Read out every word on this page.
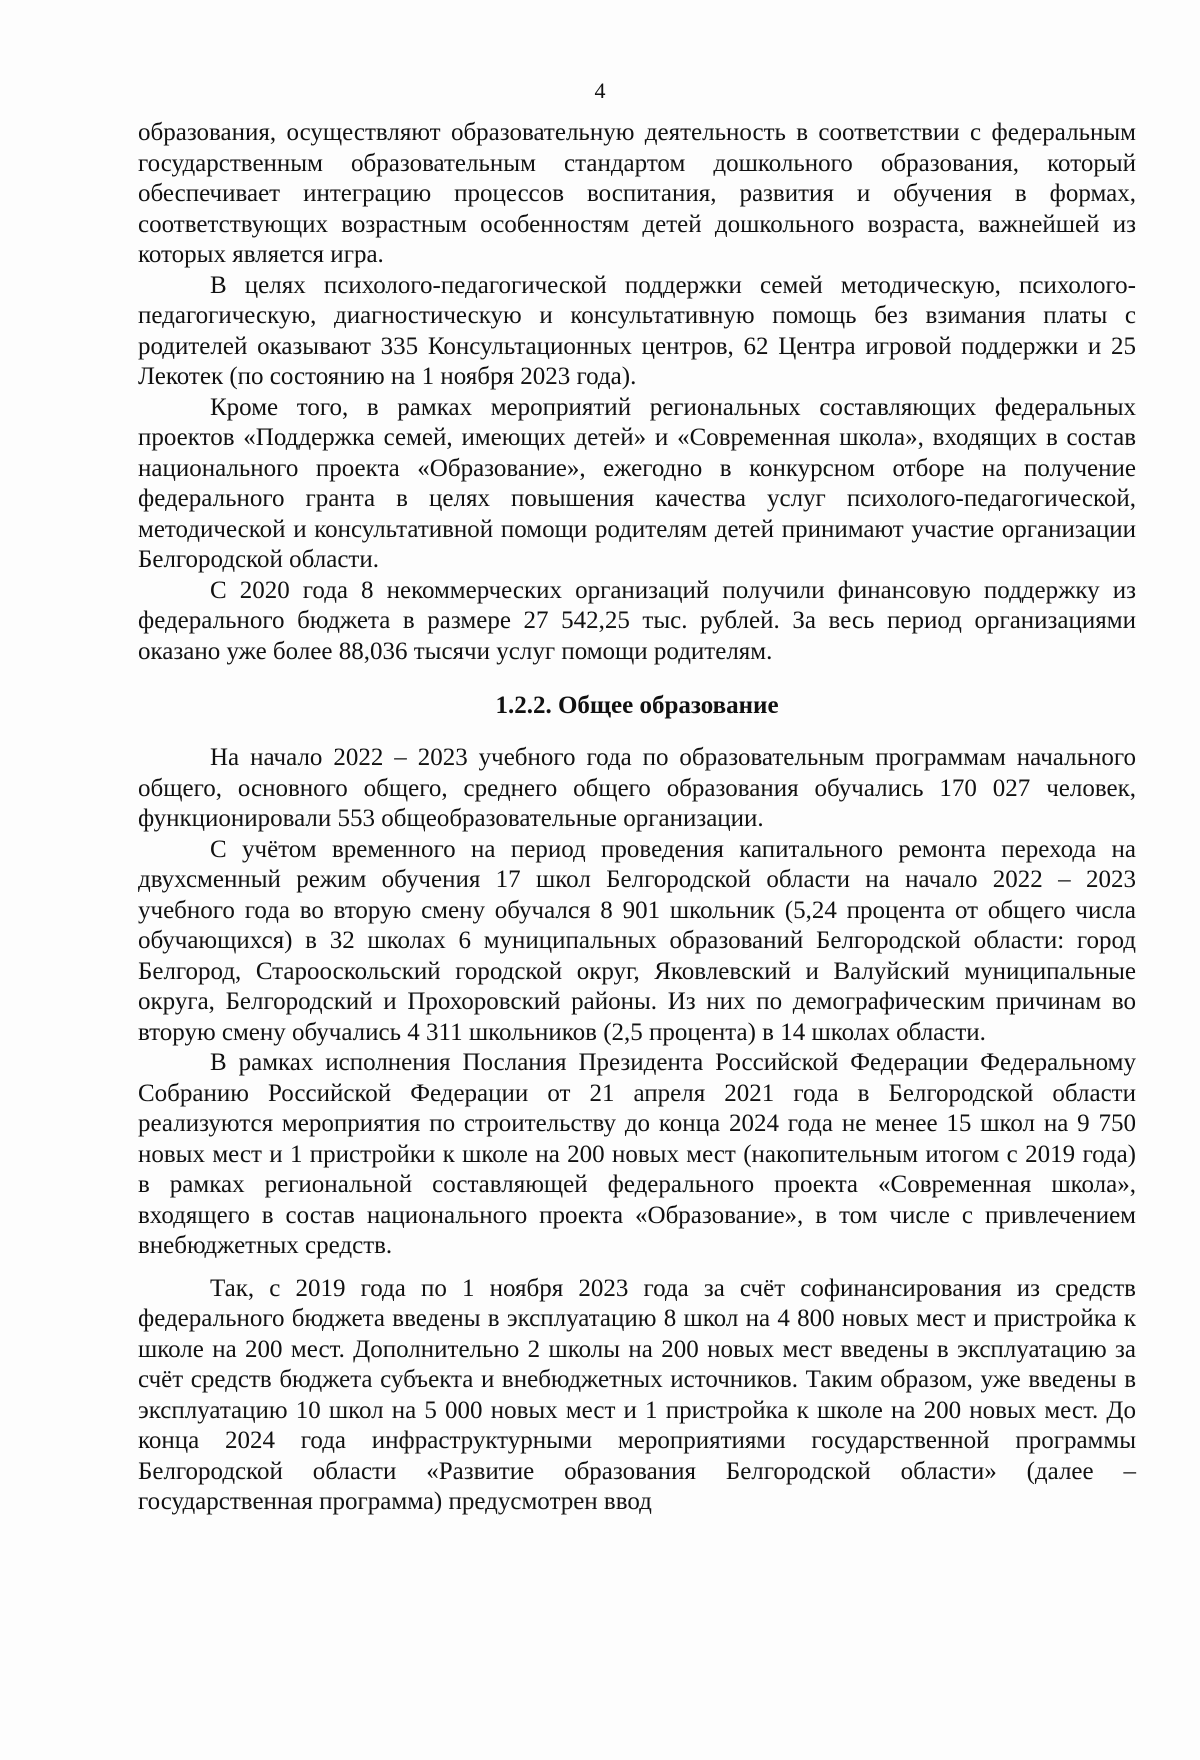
4

образования, осуществляют образовательную деятельность в соответствии с федеральным государственным образовательным стандартом дошкольного образования, который обеспечивает интеграцию процессов воспитания, развития и обучения в формах, соответствующих возрастным особенностям детей дошкольного возраста, важнейшей из которых является игра.

В целях психолого-педагогической поддержки семей методическую, психолого-педагогическую, диагностическую и консультативную помощь без взимания платы с родителей оказывают 335 Консультационных центров, 62 Центра игровой поддержки и 25 Лекотек (по состоянию на 1 ноября 2023 года).

Кроме того, в рамках мероприятий региональных составляющих федеральных проектов «Поддержка семей, имеющих детей» и «Современная школа», входящих в состав национального проекта «Образование», ежегодно в конкурсном отборе на получение федерального гранта в целях повышения качества услуг психолого-педагогической, методической и консультативной помощи родителям детей принимают участие организации Белгородской области.

С 2020 года 8 некоммерческих организаций получили финансовую поддержку из федерального бюджета в размере 27 542,25 тыс. рублей. За весь период организациями оказано уже более 88,036 тысячи услуг помощи родителям.

1.2.2. Общее образование

На начало 2022 – 2023 учебного года по образовательным программам начального общего, основного общего, среднего общего образования обучались 170 027 человек, функционировали 553 общеобразовательные организации.

С учётом временного на период проведения капитального ремонта перехода на двухсменный режим обучения 17 школ Белгородской области на начало 2022 – 2023 учебного года во вторую смену обучался 8 901 школьник (5,24 процента от общего числа обучающихся) в 32 школах 6 муниципальных образований Белгородской области: город Белгород, Старооскольский городской округ, Яковлевский и Валуйский муниципальные округа, Белгородский и Прохоровский районы. Из них по демографическим причинам во вторую смену обучались 4 311 школьников (2,5 процента) в 14 школах области.

В рамках исполнения Послания Президента Российской Федерации Федеральному Собранию Российской Федерации от 21 апреля 2021 года в Белгородской области реализуются мероприятия по строительству до конца 2024 года не менее 15 школ на 9 750 новых мест и 1 пристройки к школе на 200 новых мест (накопительным итогом с 2019 года) в рамках региональной составляющей федерального проекта «Современная школа», входящего в состав национального проекта «Образование», в том числе с привлечением внебюджетных средств.

Так, с 2019 года по 1 ноября 2023 года за счёт софинансирования из средств федерального бюджета введены в эксплуатацию 8 школ на 4 800 новых мест и пристройка к школе на 200 мест. Дополнительно 2 школы на 200 новых мест введены в эксплуатацию за счёт средств бюджета субъекта и внебюджетных источников. Таким образом, уже введены в эксплуатацию 10 школ на 5 000 новых мест и 1 пристройка к школе на 200 новых мест. До конца 2024 года инфраструктурными мероприятиями государственной программы Белгородской области «Развитие образования Белгородской области» (далее – государственная программа) предусмотрен ввод
